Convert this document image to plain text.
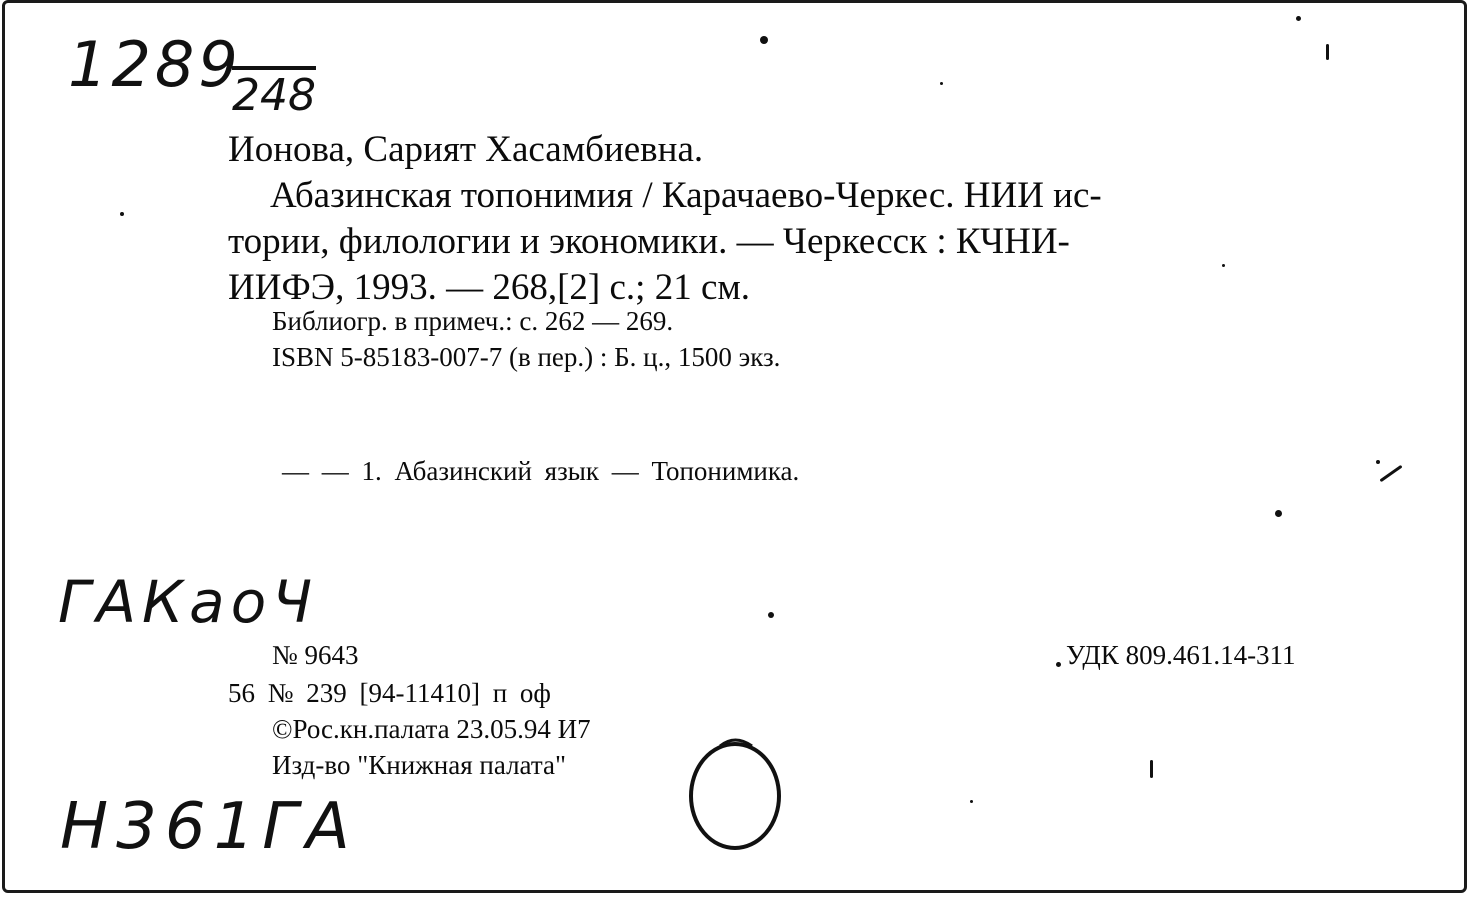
1289
248
Ионова, Сарият Хасамбиевна.
Абазинская топонимия / Карачаево-Черкес. НИИ ис-
тории, филологии и экономики. — Черкесск : КЧНИ-
ИИФЭ, 1993. — 268,[2] с.; 21 см.
Библиогр. в примеч.: с. 262 — 269.
ISBN 5-85183-007-7 (в пер.) : Б. ц., 1500 экз.
— — 1. Абазинский язык — Топонимика.
ГАКаоЧ
№ 9643	УДК 809.461.14-311
56 № 239 [94-11410] п оф
©Рос.кн.палата 23.05.94 И7
Изд-во "Книжная палата"
Н361ГА
